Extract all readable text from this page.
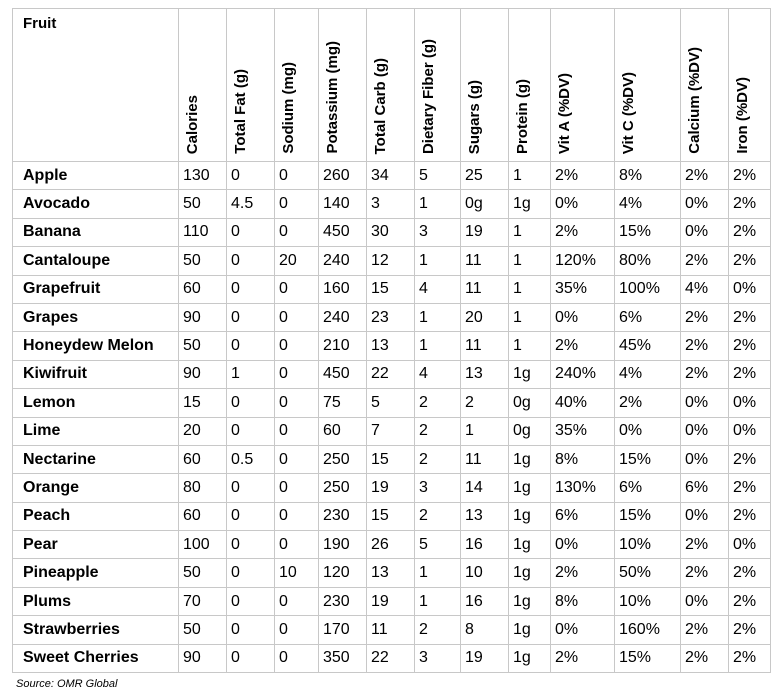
Fruit	Calories	Total Fat (g)	Sodium (mg)	Potassium (mg)	Total Carb (g)	Dietary Fiber (g)	Sugars (g)	Protein (g)	Vit A (%DV)	Vit C (%DV)	Calcium (%DV)	Iron (%DV)

Apple	130	0	0	260	34	5	25	1	2%	8%	2%	2%
Avocado	50	4.5	0	140	3	1	0g	1g	0%	4%	0%	2%
Banana	110	0	0	450	30	3	19	1	2%	15%	0%	2%
Cantaloupe	50	0	20	240	12	1	11	1	120%	80%	2%	2%
Grapefruit	60	0	0	160	15	4	11	1	35%	100%	4%	0%
Grapes	90	0	0	240	23	1	20	1	0%	6%	2%	2%
Honeydew Melon	50	0	0	210	13	1	11	1	2%	45%	2%	2%
Kiwifruit	90	1	0	450	22	4	13	1g	240%	4%	2%	2%
Lemon	15	0	0	75	5	2	2	0g	40%	2%	0%	0%
Lime	20	0	0	60	7	2	1	0g	35%	0%	0%	0%
Nectarine	60	0.5	0	250	15	2	11	1g	8%	15%	0%	2%
Orange	80	0	0	250	19	3	14	1g	130%	6%	6%	2%
Peach	60	0	0	230	15	2	13	1g	6%	15%	0%	2%
Pear	100	0	0	190	26	5	16	1g	0%	10%	2%	0%
Pineapple	50	0	10	120	13	1	10	1g	2%	50%	2%	2%
Plums	70	0	0	230	19	1	16	1g	8%	10%	0%	2%
Strawberries	50	0	0	170	11	2	8	1g	0%	160%	2%	2%
Sweet Cherries	90	0	0	350	22	3	19	1g	2%	15%	2%	2%
Source: OMR Global
